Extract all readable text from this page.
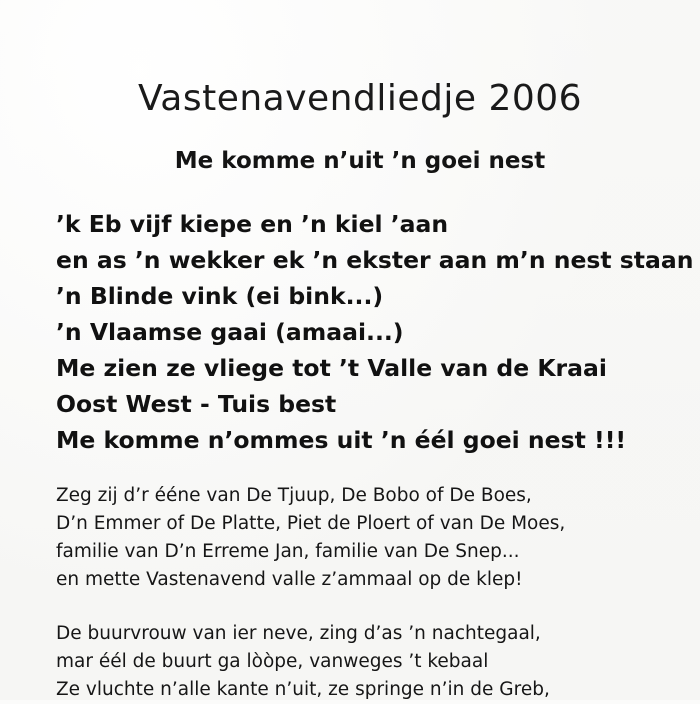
Vastenavendliedje 2006
Me komme n’uit ’n goei nest
’k Eb vijf kiepe en ’n kiel ’aan
en as ’n wekker ek ’n ekster aan m’n nest staan
’n Blinde vink (ei bink...)
’n Vlaamse gaai (amaai...)
Me zien ze vliege tot ’t Valle van de Kraai
Oost West - Tuis best
Me komme n’ommes uit ’n éél goei nest !!!
Zeg zij d’r ééne van De Tjuup, De Bobo of De Boes,
D’n Emmer of De Platte, Piet de Ploert of van De Moes,
familie van D’n Erreme Jan, familie van De Snep...
en mette Vastenavend valle z’ammaal op de klep!
De buurvrouw van ier neve, zing d’as ’n nachtegaal,
mar éél de buurt ga lòòpe, vanweges ’t kebaal
Ze vluchte n’alle kante n’uit, ze springe n’in de Greb,
